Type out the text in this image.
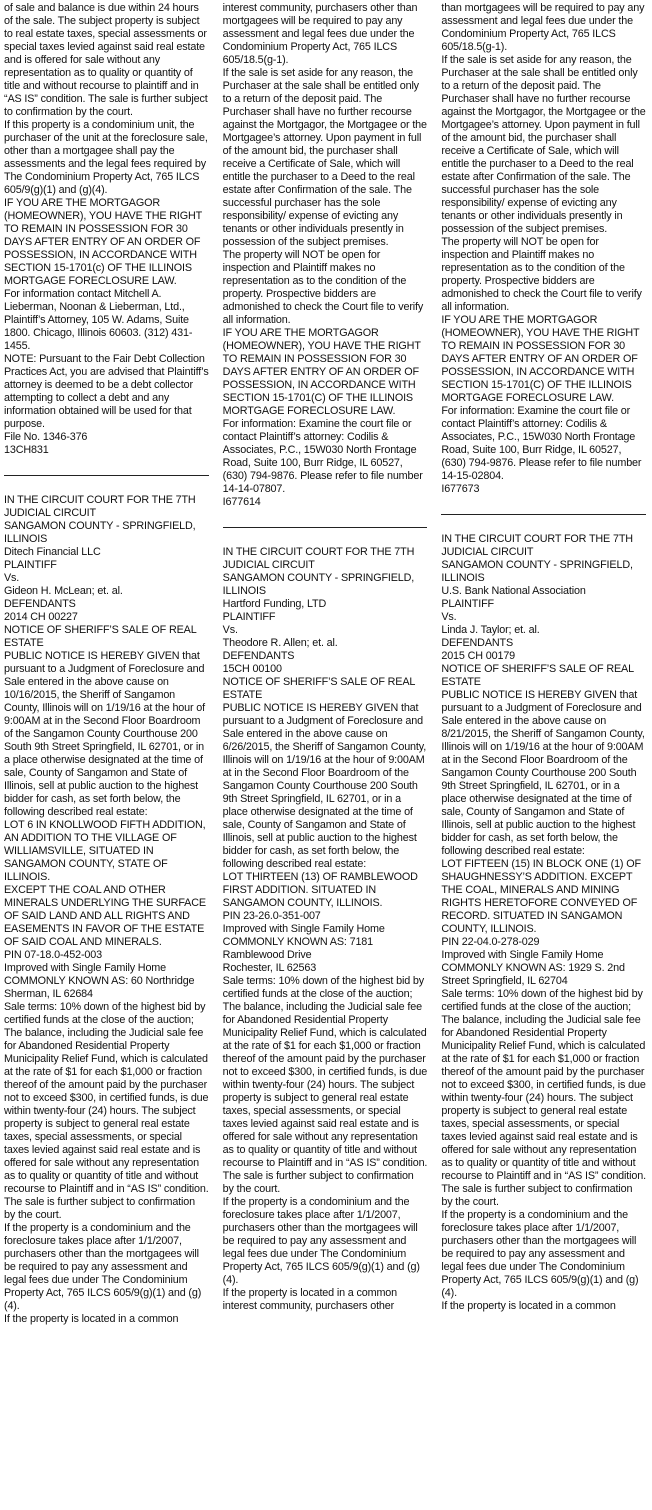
of sale and balance is due within 24 hours of the sale. The subject property is subject to real estate taxes, special assessments or special taxes levied against said real estate and is offered for sale without any representation as to quality or quantity of title and without recourse to plaintiff and in “AS IS” condition. The sale is further subject to confirmation by the court.
If this property is a condominium unit, the purchaser of the unit at the foreclosure sale, other than a mortgagee shall pay the assessments and the legal fees required by The Condominium Property Act, 765 ILCS 605/9(g)(1) and (g)(4).
IF YOU ARE THE MORTGAGOR (HOMEOWNER), YOU HAVE THE RIGHT TO REMAIN IN POSSESSION FOR 30 DAYS AFTER ENTRY OF AN ORDER OF POSSESSION, IN ACCORDANCE WITH SECTION 15-1701(c) OF THE ILLINOIS MORTGAGE FORECLOSURE LAW.
For information contact Mitchell A. Lieberman, Noonan & Lieberman, Ltd., Plaintiff’s Attorney, 105 W. Adams, Suite 1800. Chicago, Illinois 60603. (312) 431-1455.
NOTE: Pursuant to the Fair Debt Collection Practices Act, you are advised that Plaintiff’s attorney is deemed to be a debt collector attempting to collect a debt and any information obtained will be used for that purpose.
File No. 1346-376
13CH831
IN THE CIRCUIT COURT FOR THE 7TH JUDICIAL CIRCUIT
SANGAMON COUNTY - SPRINGFIELD, ILLINOIS
Ditech Financial LLC
PLAINTIFF
Vs.
Gideon H. McLean; et. al.
DEFENDANTS
2014 CH 00227
NOTICE OF SHERIFF’S SALE OF REAL ESTATE
PUBLIC NOTICE IS HEREBY GIVEN that pursuant to a Judgment of Foreclosure and Sale entered in the above cause on 10/16/2015, the Sheriff of Sangamon County, Illinois will on 1/19/16 at the hour of 9:00AM at in the Second Floor Boardroom of the Sangamon County Courthouse 200 South 9th Street Springfield, IL 62701, or in a place otherwise designated at the time of sale, County of Sangamon and State of Illinois, sell at public auction to the highest bidder for cash, as set forth below, the following described real estate:
LOT 6 IN KNOLLWOOD FIFTH ADDITION, AN ADDITION TO THE VILLAGE OF WILLIAMSVILLE, SITUATED IN SANGAMON COUNTY, STATE OF ILLINOIS.
EXCEPT THE COAL AND OTHER MINERALS UNDERLYING THE SURFACE OF SAID LAND AND ALL RIGHTS AND EASEMENTS IN FAVOR OF THE ESTATE OF SAID COAL AND MINERALS.
PIN 07-18.0-452-003
Improved with Single Family Home
COMMONLY KNOWN AS: 60 Northridge Sherman, IL 62684
Sale terms: 10% down of the highest bid by certified funds at the close of the auction; The balance, including the Judicial sale fee for Abandoned Residential Property Municipality Relief Fund, which is calculated at the rate of $1 for each $1,000 or fraction thereof of the amount paid by the purchaser not to exceed $300, in certified funds, is due within twenty-four (24) hours. The subject property is subject to general real estate taxes, special assessments, or special taxes levied against said real estate and is offered for sale without any representation as to quality or quantity of title and without recourse to Plaintiff and in “AS IS” condition. The sale is further subject to confirmation by the court.
If the property is a condominium and the foreclosure takes place after 1/1/2007, purchasers other than the mortgagees will be required to pay any assessment and legal fees due under The Condominium Property Act, 765 ILCS 605/9(g)(1) and (g)(4).
If the property is located in a common
interest community, purchasers other than mortgagees will be required to pay any assessment and legal fees due under the Condominium Property Act, 765 ILCS 605/18.5(g-1).
If the sale is set aside for any reason, the Purchaser at the sale shall be entitled only to a return of the deposit paid. The Purchaser shall have no further recourse against the Mortgagor, the Mortgagee or the Mortgagee’s attorney. Upon payment in full of the amount bid, the purchaser shall receive a Certificate of Sale, which will entitle the purchaser to a Deed to the real estate after Confirmation of the sale. The successful purchaser has the sole responsibility/ expense of evicting any tenants or other individuals presently in possession of the subject premises.
The property will NOT be open for inspection and Plaintiff makes no representation as to the condition of the property. Prospective bidders are admonished to check the Court file to verify all information.
IF YOU ARE THE MORTGAGOR (HOMEOWNER), YOU HAVE THE RIGHT TO REMAIN IN POSSESSION FOR 30 DAYS AFTER ENTRY OF AN ORDER OF POSSESSION, IN ACCORDANCE WITH SECTION 15-1701(C) OF THE ILLINOIS MORTGAGE FORECLOSURE LAW.
For information: Examine the court file or contact Plaintiff’s attorney: Codilis & Associates, P.C., 15W030 North Frontage Road, Suite 100, Burr Ridge, IL 60527, (630) 794-9876. Please refer to file number 14-14-07807.
I677614
IN THE CIRCUIT COURT FOR THE 7TH JUDICIAL CIRCUIT
SANGAMON COUNTY - SPRINGFIELD, ILLINOIS
Hartford Funding, LTD
PLAINTIFF
Vs.
Theodore R. Allen; et. al.
DEFENDANTS
15CH 00100
NOTICE OF SHERIFF’S SALE OF REAL ESTATE
PUBLIC NOTICE IS HEREBY GIVEN that pursuant to a Judgment of Foreclosure and Sale entered in the above cause on 6/26/2015, the Sheriff of Sangamon County, Illinois will on 1/19/16 at the hour of 9:00AM at in the Second Floor Boardroom of the Sangamon County Courthouse 200 South 9th Street Springfield, IL 62701, or in a place otherwise designated at the time of sale, County of Sangamon and State of Illinois, sell at public auction to the highest bidder for cash, as set forth below, the following described real estate:
LOT THIRTEEN (13) OF RAMBLEWOOD FIRST ADDITION. SITUATED IN SANGAMON COUNTY, ILLINOIS.
PIN 23-26.0-351-007
Improved with Single Family Home
COMMONLY KNOWN AS: 7181 Ramblewood Drive
Rochester, IL 62563
Sale terms: 10% down of the highest bid by certified funds at the close of the auction; The balance, including the Judicial sale fee for Abandoned Residential Property Municipality Relief Fund, which is calculated at the rate of $1 for each $1,000 or fraction thereof of the amount paid by the purchaser not to exceed $300, in certified funds, is due within twenty-four (24) hours. The subject property is subject to general real estate taxes, special assessments, or special taxes levied against said real estate and is offered for sale without any representation as to quality or quantity of title and without recourse to Plaintiff and in “AS IS” condition. The sale is further subject to confirmation by the court.
If the property is a condominium and the foreclosure takes place after 1/1/2007, purchasers other than the mortgagees will be required to pay any assessment and legal fees due under The Condominium Property Act, 765 ILCS 605/9(g)(1) and (g)(4).
If the property is located in a common interest community, purchasers other
than mortgagees will be required to pay any assessment and legal fees due under the Condominium Property Act, 765 ILCS 605/18.5(g-1).
If the sale is set aside for any reason, the Purchaser at the sale shall be entitled only to a return of the deposit paid. The Purchaser shall have no further recourse against the Mortgagor, the Mortgagee or the Mortgagee’s attorney. Upon payment in full of the amount bid, the purchaser shall receive a Certificate of Sale, which will entitle the purchaser to a Deed to the real estate after Confirmation of the sale. The successful purchaser has the sole responsibility/ expense of evicting any tenants or other individuals presently in possession of the subject premises.
The property will NOT be open for inspection and Plaintiff makes no representation as to the condition of the property. Prospective bidders are admonished to check the Court file to verify all information.
IF YOU ARE THE MORTGAGOR (HOMEOWNER), YOU HAVE THE RIGHT TO REMAIN IN POSSESSION FOR 30 DAYS AFTER ENTRY OF AN ORDER OF POSSESSION, IN ACCORDANCE WITH SECTION 15-1701(C) OF THE ILLINOIS MORTGAGE FORECLOSURE LAW.
For information: Examine the court file or contact Plaintiff’s attorney: Codilis & Associates, P.C., 15W030 North Frontage Road, Suite 100, Burr Ridge, IL 60527, (630) 794-9876. Please refer to file number 14-15-02804.
I677673
IN THE CIRCUIT COURT FOR THE 7TH JUDICIAL CIRCUIT
SANGAMON COUNTY - SPRINGFIELD, ILLINOIS
U.S. Bank National Association
PLAINTIFF
Vs.
Linda J. Taylor; et. al.
DEFENDANTS
2015 CH 00179
NOTICE OF SHERIFF’S SALE OF REAL ESTATE
PUBLIC NOTICE IS HEREBY GIVEN that pursuant to a Judgment of Foreclosure and Sale entered in the above cause on 8/21/2015, the Sheriff of Sangamon County, Illinois will on 1/19/16 at the hour of 9:00AM at in the Second Floor Boardroom of the Sangamon County Courthouse 200 South 9th Street Springfield, IL 62701, or in a place otherwise designated at the time of sale, County of Sangamon and State of Illinois, sell at public auction to the highest bidder for cash, as set forth below, the following described real estate:
LOT FIFTEEN (15) IN BLOCK ONE (1) OF SHAUGHNESSY’S ADDITION. EXCEPT THE COAL, MINERALS AND MINING RIGHTS HERETOFORE CONVEYED OF RECORD. SITUATED IN SANGAMON COUNTY, ILLINOIS.
PIN 22-04.0-278-029
Improved with Single Family Home
COMMONLY KNOWN AS: 1929 S. 2nd Street Springfield, IL 62704
Sale terms: 10% down of the highest bid by certified funds at the close of the auction; The balance, including the Judicial sale fee for Abandoned Residential Property Municipality Relief Fund, which is calculated at the rate of $1 for each $1,000 or fraction thereof of the amount paid by the purchaser not to exceed $300, in certified funds, is due within twenty-four (24) hours. The subject property is subject to general real estate taxes, special assessments, or special taxes levied against said real estate and is offered for sale without any representation as to quality or quantity of title and without recourse to Plaintiff and in “AS IS” condition. The sale is further subject to confirmation by the court.
If the property is a condominium and the foreclosure takes place after 1/1/2007, purchasers other than the mortgagees will be required to pay any assessment and legal fees due under The Condominium Property Act, 765 ILCS 605/9(g)(1) and (g)(4).
If the property is located in a common
